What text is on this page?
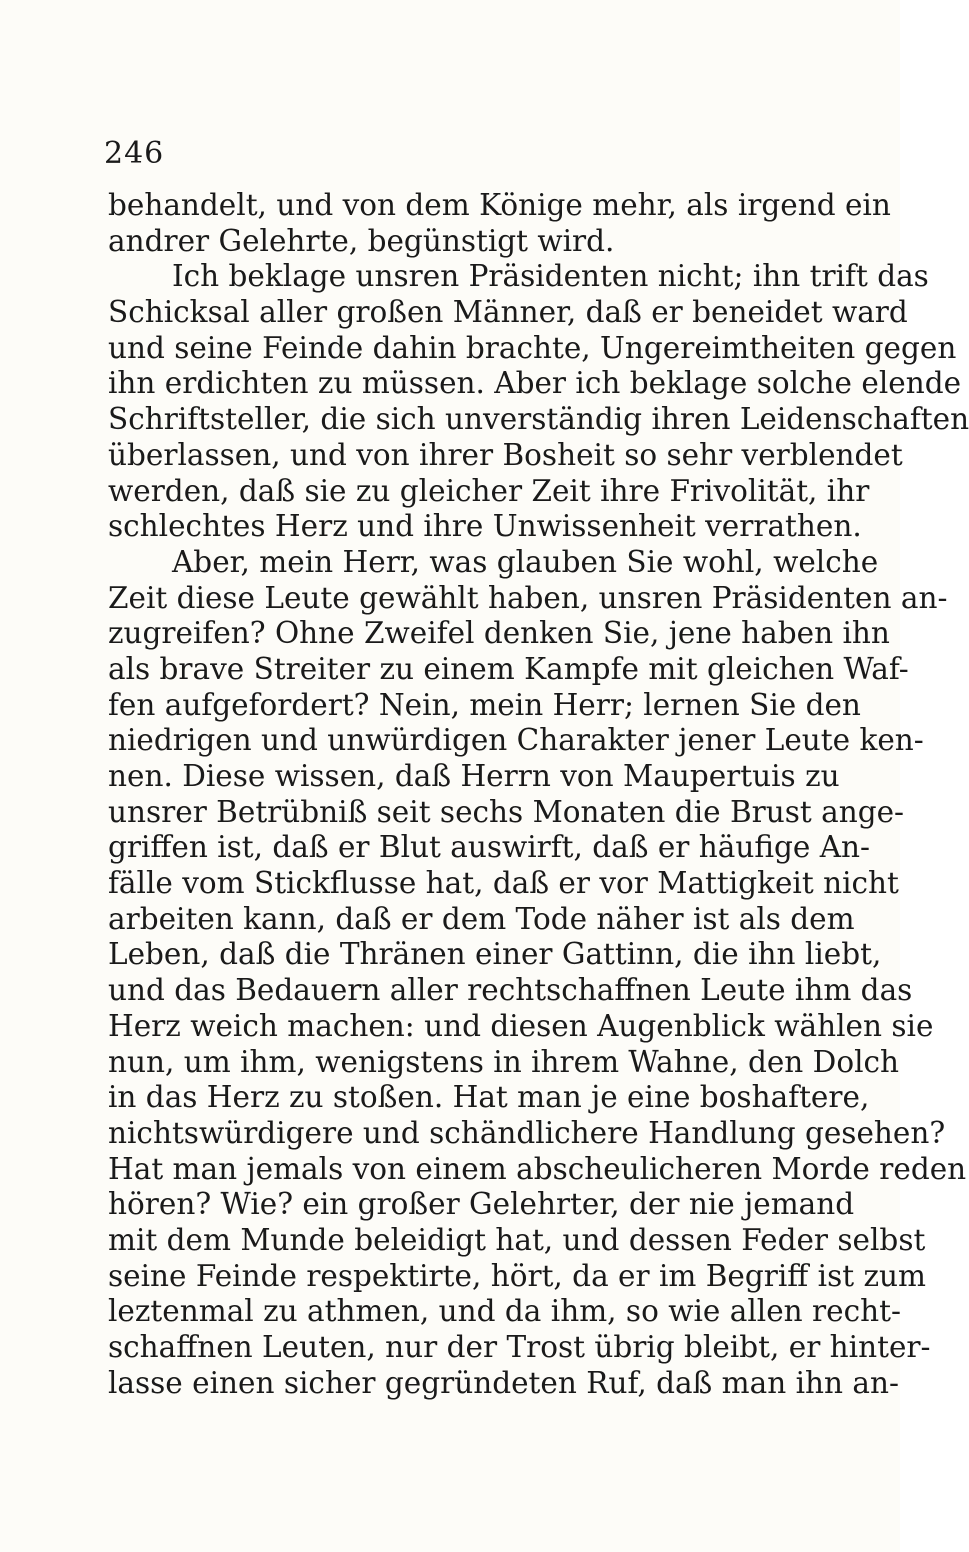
246
behandelt, und von dem Könige mehr, als irgend ein
andrer Gelehrte, begünstigt wird.
Ich beklage unsren Präsidenten nicht; ihn trift das
Schicksal aller großen Männer, daß er beneidet ward
und seine Feinde dahin brachte, Ungereimtheiten gegen
ihn erdichten zu müssen. Aber ich beklage solche elende
Schriftsteller, die sich unverständig ihren Leidenschaften
überlassen, und von ihrer Bosheit so sehr verblendet
werden, daß sie zu gleicher Zeit ihre Frivolität, ihr
schlechtes Herz und ihre Unwissenheit verrathen.
Aber, mein Herr, was glauben Sie wohl, welche
Zeit diese Leute gewählt haben, unsren Präsidenten an-
zugreifen? Ohne Zweifel denken Sie, jene haben ihn
als brave Streiter zu einem Kampfe mit gleichen Waf-
fen aufgefordert? Nein, mein Herr; lernen Sie den
niedrigen und unwürdigen Charakter jener Leute ken-
nen. Diese wissen, daß Herrn von Maupertuis zu
unsrer Betrübniß seit sechs Monaten die Brust ange-
griffen ist, daß er Blut auswirft, daß er häufige An-
fälle vom Stickflusse hat, daß er vor Mattigkeit nicht
arbeiten kann, daß er dem Tode näher ist als dem
Leben, daß die Thränen einer Gattinn, die ihn liebt,
und das Bedauern aller rechtschaffnen Leute ihm das
Herz weich machen: und diesen Augenblick wählen sie
nun, um ihm, wenigstens in ihrem Wahne, den Dolch
in das Herz zu stoßen. Hat man je eine boshaftere,
nichtswürdigere und schändlichere Handlung gesehen?
Hat man jemals von einem abscheulicheren Morde reden
hören? Wie? ein großer Gelehrter, der nie jemand
mit dem Munde beleidigt hat, und dessen Feder selbst
seine Feinde respektirte, hört, da er im Begriff ist zum
leztenmal zu athmen, und da ihm, so wie allen recht-
schaffnen Leuten, nur der Trost übrig bleibt, er hinter-
lasse einen sicher gegründeten Ruf, daß man ihn an-
